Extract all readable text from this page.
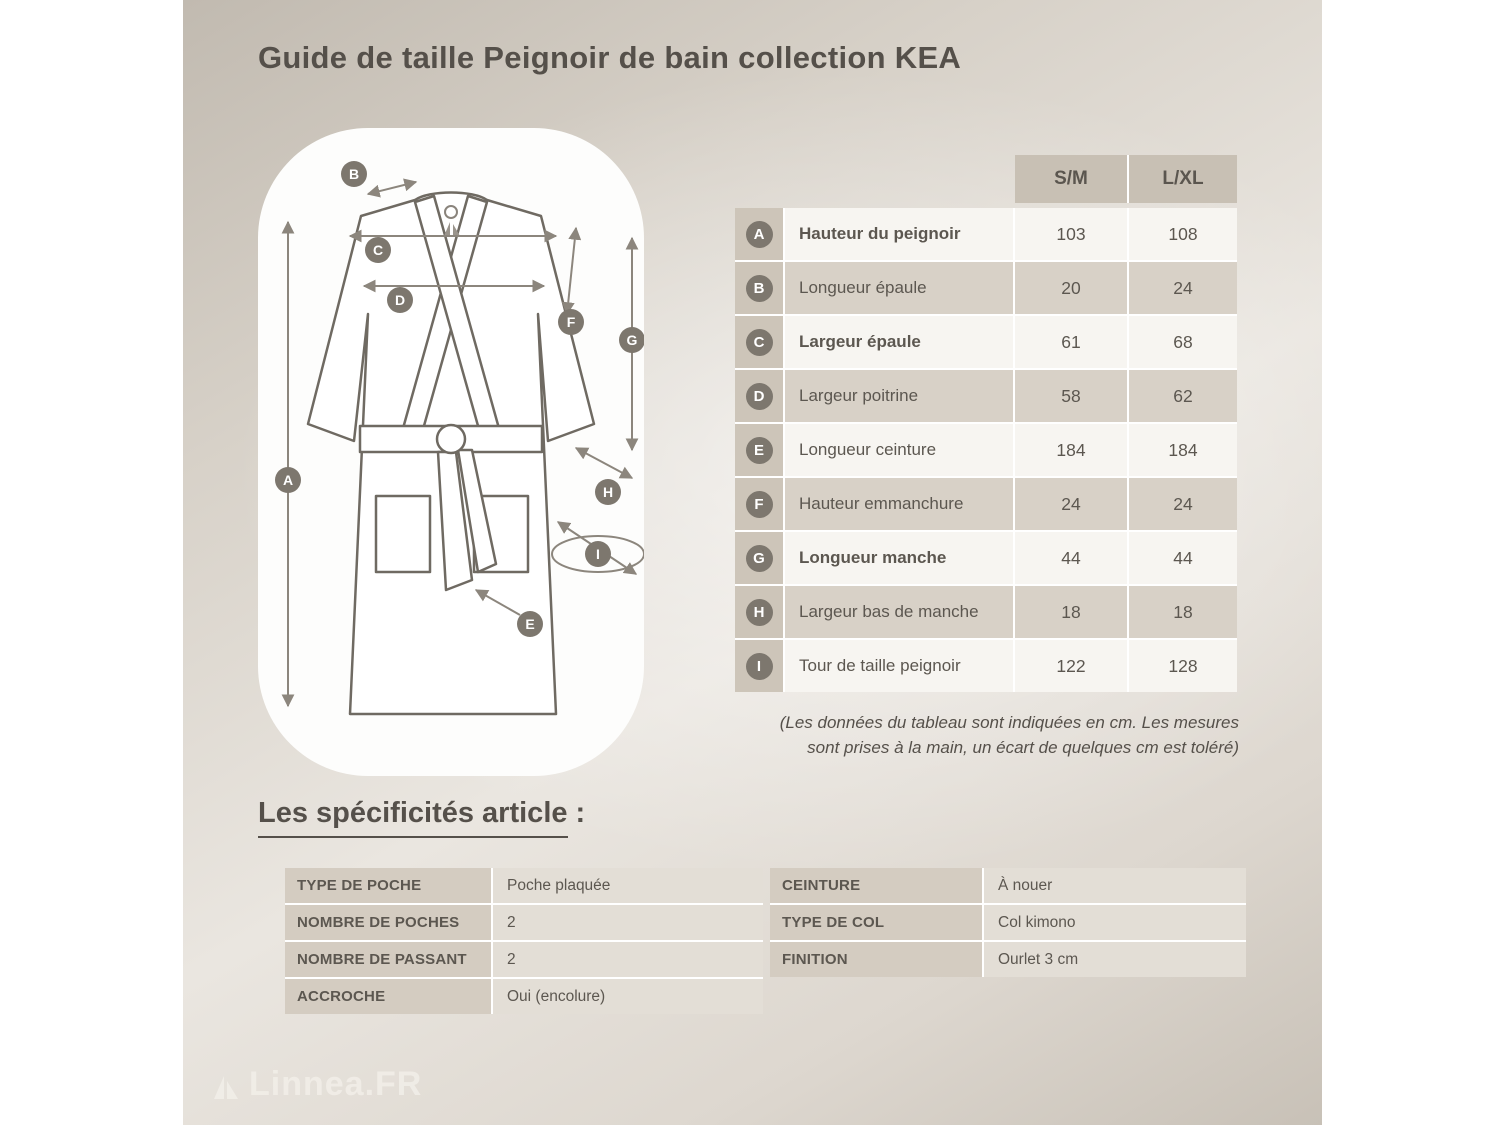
Guide de taille Peignoir de bain collection KEA
A
B
C
D
E
F
G
H
I
S/M	L/XL
A	Hauteur du peignoir	103	108
B	Longueur épaule	20	24
C	Largeur épaule	61	68
D	Largeur poitrine	58	62
E	Longueur ceinture	184	184
F	Hauteur emmanchure	24	24
G	Longueur manche	44	44
H	Largeur bas de manche	18	18
I	Tour de taille peignoir	122	128
(Les données du tableau sont indiquées en cm. Les mesures
sont prises à la main, un écart de quelques cm est toléré)
Les spécificités article :
TYPE DE POCHE	Poche plaquée
NOMBRE DE POCHES	2
NOMBRE DE PASSANT	2
ACCROCHE	Oui (encolure)
CEINTURE	À nouer
TYPE DE COL	Col kimono
FINITION	Ourlet 3 cm
Linnea.FR
